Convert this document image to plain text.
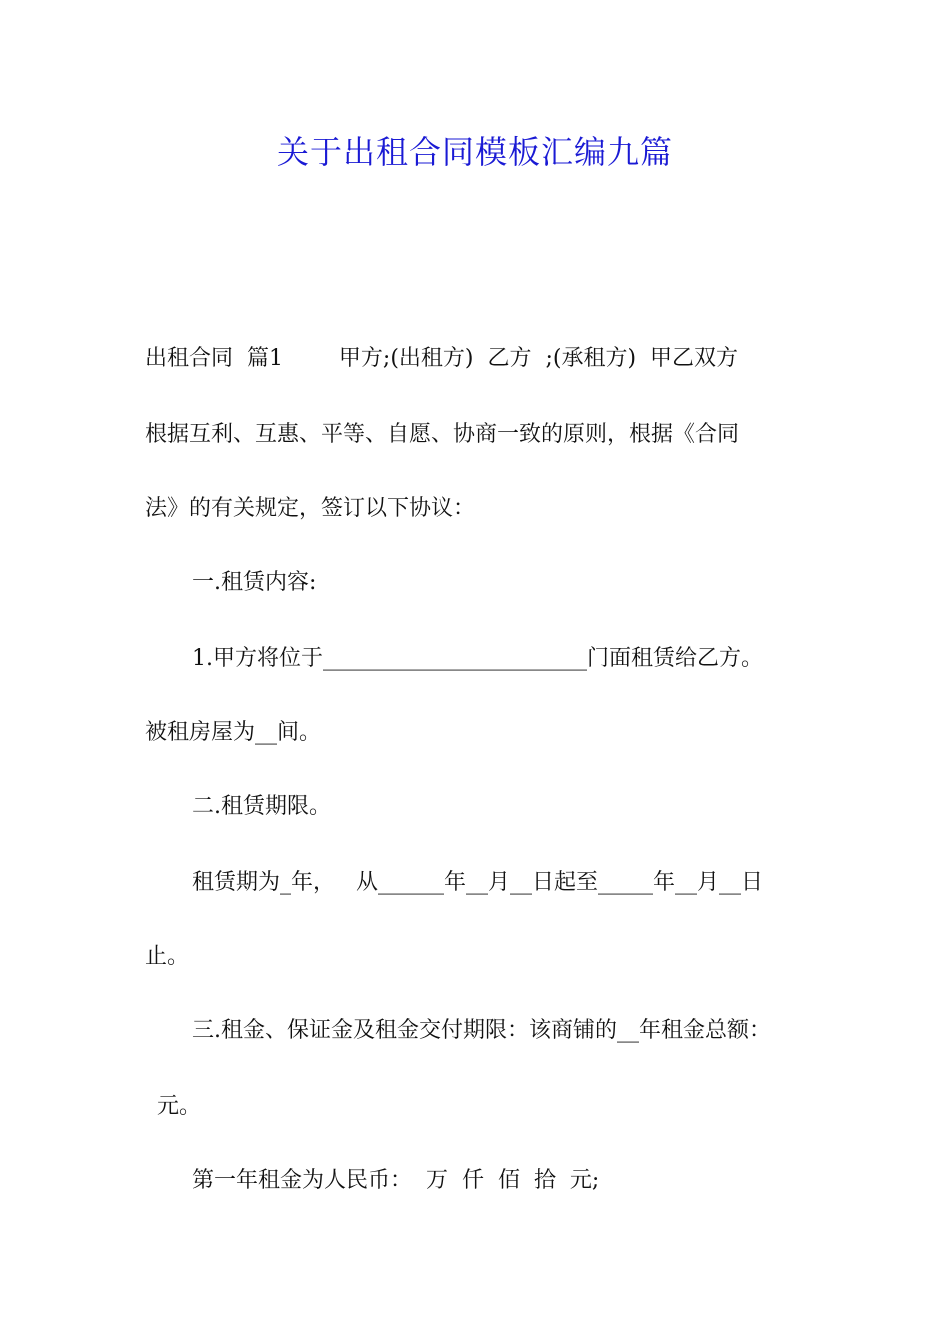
关于出租合同模板汇编九篇
出租合同  篇1        甲方;(出租方)  乙方  ;(承租方)  甲乙双方
根据互利、互惠、平等、自愿、协商一致的原则，根据《合同
法》的有关规定，签订以下协议：
一.租赁内容:
1.甲方将位于________________________门面租赁给乙方。
被租房屋为__间。
二.租赁期限。
租赁期为_年，   从______年__月__日起至_____年__月__日
止。
三.租金、保证金及租金交付期限：该商铺的__年租金总额：
元。
第一年租金为人民币：  万  仟  佰  拾  元;
